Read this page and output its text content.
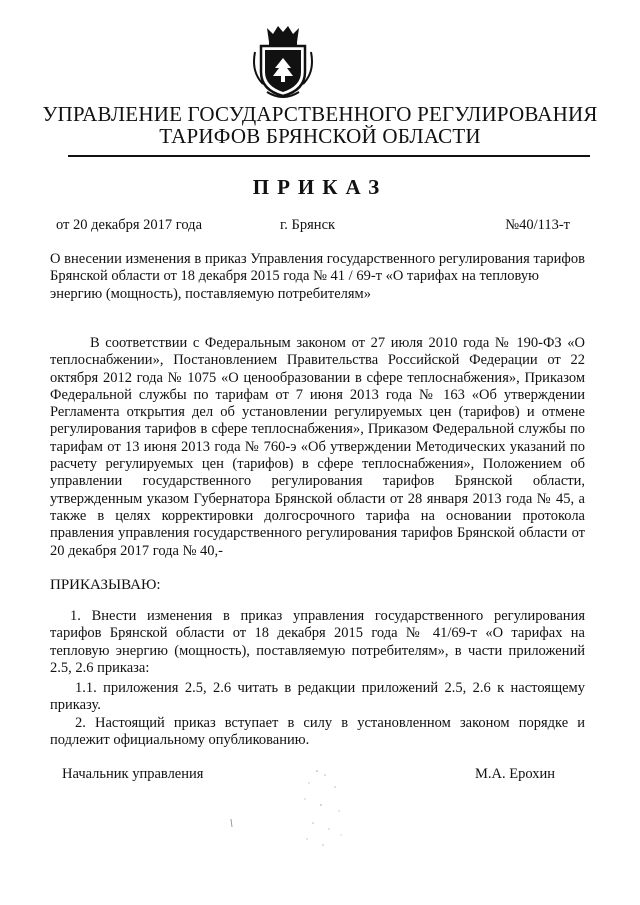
УПРАВЛЕНИЕ ГОСУДАРСТВЕННОГО РЕГУЛИРОВАНИЯ
ТАРИФОВ БРЯНСКОЙ ОБЛАСТИ
ПРИКАЗ
от 20 декабря 2017 года	г. Брянск	№40/113-т
О внесении изменения в приказ Управления государственного регулирования тарифов Брянской области от 18 декабря 2015 года № 41 / 69-т «О тарифах на тепловую энергию (мощность), поставляемую потребителям»
В соответствии с Федеральным законом от 27 июля 2010 года № 190-ФЗ «О теплоснабжении», Постановлением Правительства Российской Федерации от 22 октября 2012 года № 1075 «О ценообразовании в сфере теплоснабжения», Приказом Федеральной службы по тарифам от 7 июня 2013 года № 163 «Об утверждении Регламента открытия дел об установлении регулируемых цен (тарифов) и отмене регулирования тарифов в сфере теплоснабжения», Приказом Федеральной службы по тарифам от 13 июня 2013 года № 760-э «Об утверждении Методических указаний по расчету регулируемых цен (тарифов) в сфере теплоснабжения», Положением об управлении государственного регулирования тарифов Брянской области, утвержденным указом Губернатора Брянской области от 28 января 2013 года № 45, а также в целях корректировки долгосрочного тарифа на основании протокола правления управления государственного регулирования тарифов Брянской области от 20 декабря 2017 года № 40,-
ПРИКАЗЫВАЮ:
1. Внести изменения в приказ управления государственного регулирования тарифов Брянской области от 18 декабря 2015 года № 41/69-т «О тарифах на тепловую энергию (мощность), поставляемую потребителям», в части приложений 2.5, 2.6 приказа:
1.1. приложения 2.5, 2.6 читать в редакции приложений 2.5, 2.6 к настоящему приказу.
2. Настоящий приказ вступает в силу в установленном законом порядке и подлежит официальному опубликованию.
Начальник управления	М.А. Ерохин
